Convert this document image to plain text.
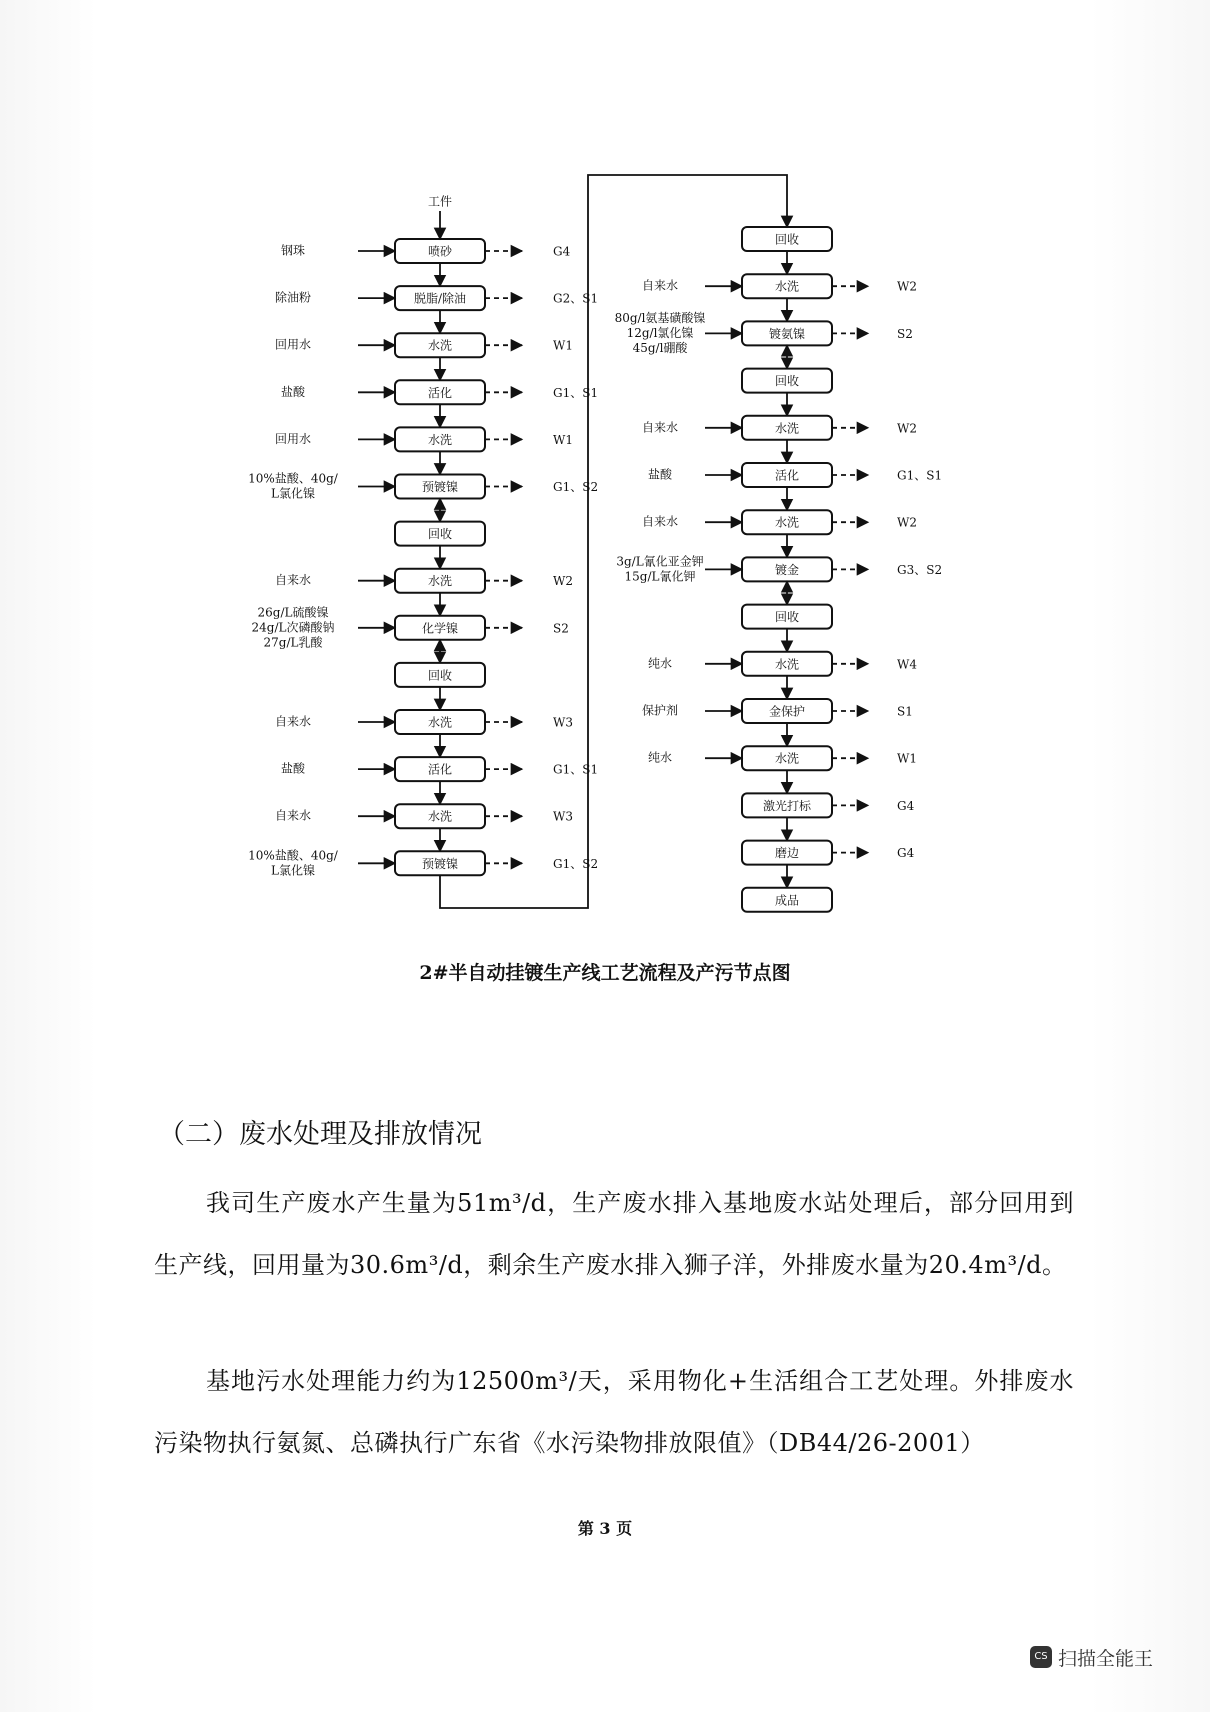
喷砂
钢珠	G4
脱脂/除油
除油粉	G2、S1
水洗
回用水	W1
活化
盐酸	G1、S1
水洗
回用水	W1
预镀镍
10%盐酸、40g/
L氯化镍	G1、S2
回收
水洗
自来水	W2
化学镍
26g/L硫酸镍
24g/L次磷酸钠
27g/L乳酸
S2
回收
水洗
自来水	W3
活化
盐酸	G1、S1
水洗
自来水	W3
预镀镍
10%盐酸、40g/
L氯化镍	G1、S2
回收
水洗
自来水	W2
镀氨镍
80g/l氨基磺酸镍
12g/l氯化镍
45g/l硼酸
S2
回收
水洗
自来水	W2
活化
盐酸	G1、S1
水洗
自来水	W2
镀金
3g/L氰化亚金钾
15g/L氰化钾	G3、S2
回收
水洗
纯水	W4
金保护
保护剂	S1
水洗
纯水	W1
激光打标	G4
磨边	G4
成品
工件
2#半自动挂镀生产线工艺流程及产污节点图
（二）废水处理及排放情况
我司生产废水产生量为51m³/d，生产废水排入基地废水站处理后，部分回用到生产线，回用量为30.6m³/d，剩余生产废水排入狮子洋，外排废水量为20.4m³/d。
基地污水处理能力约为12500m³/天，采用物化+生活组合工艺处理。外排废水污染物执行氨氮、总磷执行广东省《水污染物排放限值》（DB44/26-2001）
第 3 页
CS 扫描全能王
